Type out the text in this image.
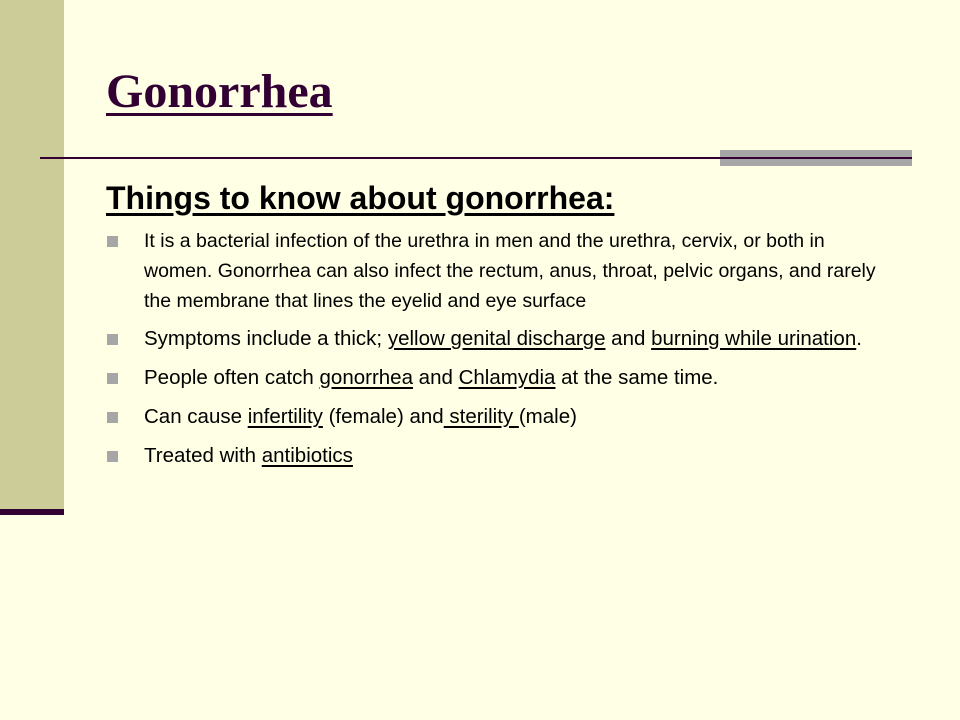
Gonorrhea
Things to know about gonorrhea:
It is a bacterial infection of the urethra in men and the urethra, cervix, or both in women. Gonorrhea can also infect the rectum, anus, throat, pelvic organs, and rarely the membrane that lines the eyelid and eye surface
Symptoms include a thick; yellow genital discharge and burning while urination.
People often catch gonorrhea and Chlamydia at the same time.
Can cause infertility (female) and sterility (male)
Treated with antibiotics
